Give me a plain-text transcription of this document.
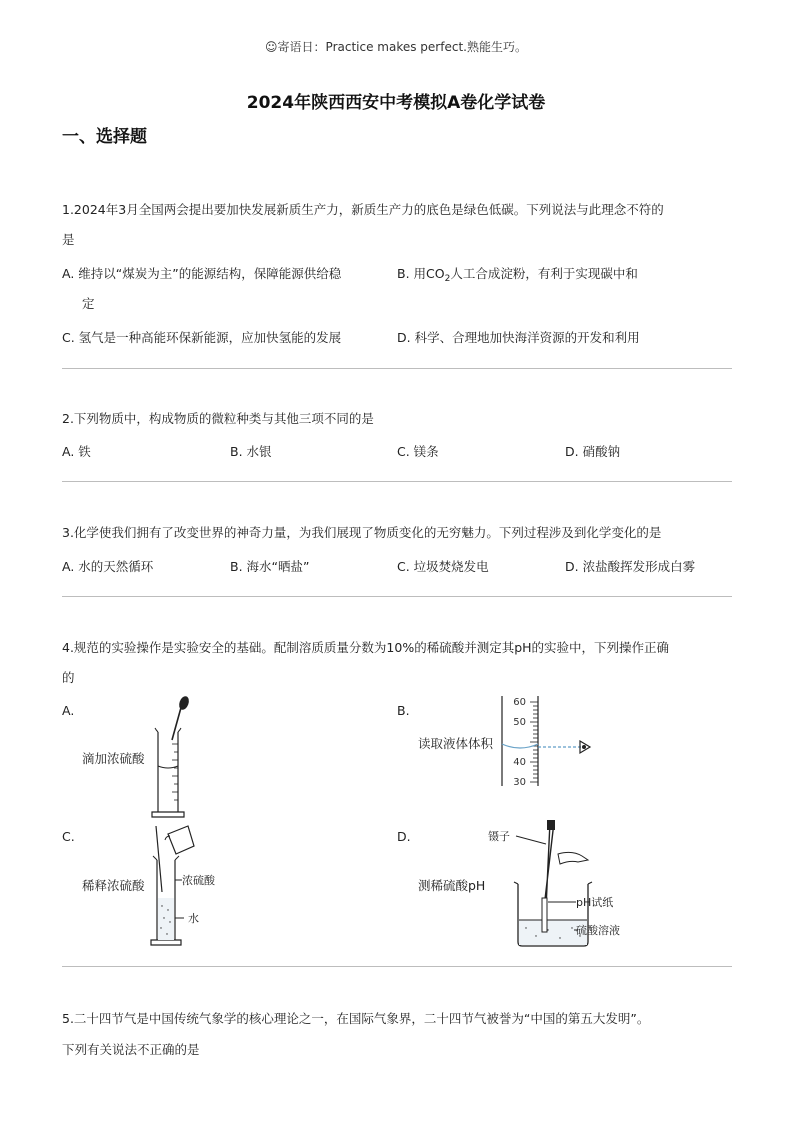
☺寄语日：Practice makes perfect.熟能生巧。
2024年陕西西安中考模拟A卷化学试卷
一、选择题
1.2024年3月全国两会提出要加快发展新质生产力，新质生产力的底色是绿色低碳。下列说法与此理念不符的
是
A. 维持以“煤炭为主”的能源结构，保障能源供给稳
定
B. 用$CO_2$人工合成淀粉，有利于实现碳中和
C. 氢气是一种高能环保新能源，应加快氢能的发展	D. 科学、合理地加快海洋资源的开发和利用
2.下列物质中，构成物质的微粒种类与其他三项不同的是
A. 铁	B. 水银	C. 镁条	D. 硝酸钠
3.化学使我们拥有了改变世界的神奇力量，为我们展现了物质变化的无穷魅力。下列过程涉及到化学变化的是
A. 水的天然循环	B. 海水“晒盐”	C. 垃圾焚烧发电	D. 浓盐酸挥发形成白雾
4.规范的实验操作是实验安全的基础。配制溶质质量分数为10%的稀硫酸并测定其pH的实验中，下列操作正确
的
A.
滴加浓硫酸
B.
读取液体体积
60
50
40
30
C.
稀释浓硫酸	浓硫酸
水
D.
测稀硫酸pH
镊子
pH试纸
硫酸溶液
5.二十四节气是中国传统气象学的核心理论之一，在国际气象界，二十四节气被誉为“中国的第五大发明”。
下列有关说法不正确的是
